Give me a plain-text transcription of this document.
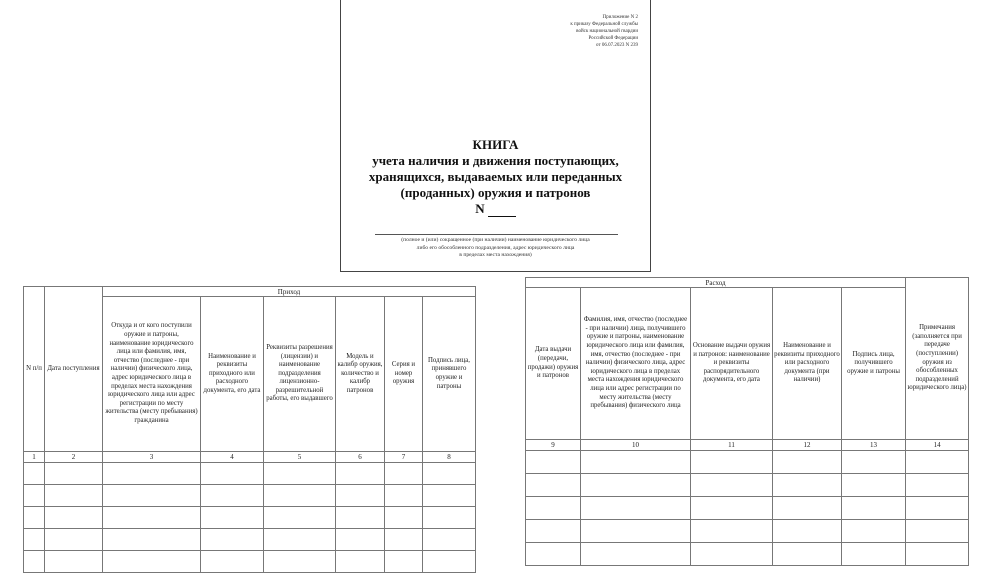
Приложение N 2
к приказу Федеральной службы
войск национальной гвардии
Российской Федерации
от 06.07.2023 N 239
КНИГА
учета наличия и движения поступающих,
хранящихся, выдаваемых или переданных
(проданных) оружия и патронов
N
(полное и (или) сокращенное (при наличии) наименование юридического лица
либо его обособленного подразделения, адрес юридического лица
в пределах места нахождения)
N п/п	Дата поступления	Приход					
		Откуда и от кого поступили оружие и патроны, наименование юридического лица или фамилия, имя, отчество (последнее - при наличии) физического лица, адрес юридического лица в пределах места нахождения юридического лица или адрес регистрации по месту жительства (месту пребывания) гражданина	Наименование и реквизиты приходного или расходного документа, его дата	Реквизиты разрешения (лицензии) и наименование подразделения лицензионно-разрешительной работы, его выдавшего	Модель и калибр оружия, количество и калибр патронов	Серия и номер оружия	Подпись лица, принявшего оружие и патроны
1	2	3	4	5	6	7	8

Расход					Примечания (заполняется при передаче (поступлении) оружия из обособленных подразделений юридического лица)
Дата выдачи (передачи, продажи) оружия и патронов	Фамилия, имя, отчество (последнее - при наличии) лица, получившего оружие и патроны, наименование юридического лица или фамилия, имя, отчество (последнее - при наличии) физического лица, адрес юридического лица в пределах места нахождения юридического лица или адрес регистрации по месту жительства (месту пребывания) физического лица	Основание выдачи оружия и патронов: наименование и реквизиты распорядительного документа, его дата	Наименование и реквизиты приходного или расходного документа (при наличии)	Подпись лица, получившего оружие и патроны	
9	10	11	12	13	14
